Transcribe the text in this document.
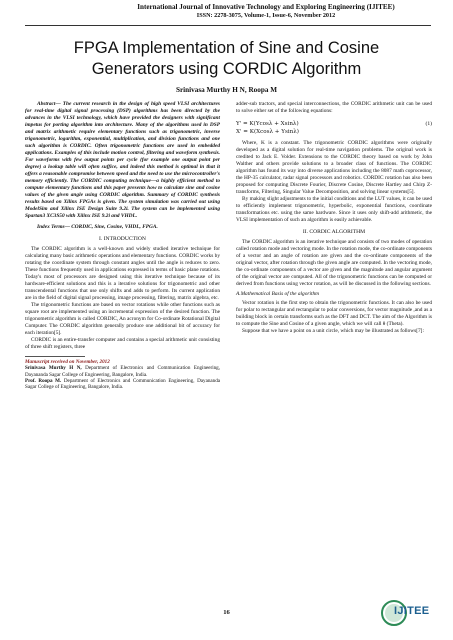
International Journal of Innovative Technology and Exploring Engineering (IJITEE)
ISSN: 2278-3075, Volume-1, Issue-6, November 2012
FPGA Implementation of Sine and Cosine
Generators using CORDIC Algorithm
Srinivasa Murthy H N, Roopa M

Abstract— The current research in the design of high speed VLSI architectures for real-time digital signal processing (DSP) algorithms has been directed by the advances in the VLSI technology, which have provided the designers with significant impetus for porting algorithm into architecture. Many of the algorithms used in DSP and matrix arithmetic require elementary functions such as trigonometric, inverse trigonometric, logarithm, exponential, multiplication, and division functions and one such algorithm is CORDIC. Often trigonometric functions are used in embedded applications. Examples of this include motion control, filtering and waveform synthesis. For waveforms with few output points per cycle (for example one output point per degree) a lookup table will often suffice, and indeed this method is optimal in that it offers a reasonable compromise between speed and the need to use the microcontroller's memory efficiently. The CORDIC computing technique—a highly efficient method to compute elementary functions and this paper presents how to calculate sine and cosine values of the given angle using CORDIC algorithm. Summary of CORDIC synthesis results based on Xilinx FPGAs is given. The system simulation was carried out using ModelSim and Xilinx ISE Design Suite 9.2i. The system can be implemented using Spartan3 XC3S50 with Xilinx ISE 9.2i and VHDL.

Index Terms— CORDIC, Sine, Cosine, VHDL, FPGA.

I. INTRODUCTION

The CORDIC algorithm is a well-known and widely studied iterative technique for calculating many basic arithmetic operations and elementary functions. CORDIC works by rotating the coordinate system through constant angles until the angle is reduces to zero. These functions frequently used in applications expressed in terms of basic plane rotations. Today's most of processors are designed using this iterative technique because of its hardware-efficient solutions and this is a iterative solutions for trigonometric and other transcendental functions that use only shifts and adds to perform. Its current application are in the field of digital signal processing, image processing, filtering, matrix algebra, etc.

The trigonometric functions are based on vector rotations while other functions such as square root are implemented using an incremental expression of the desired function. The trigonometric algorithm is called CORDIC, An acronym for Co-ordinate Rotational Digital Computer. The CORDIC algorithm generally produce one additional bit of accuracy for each iteration[5].

CORDIC is an entire-transfer computer and contains a special arithmetic unit consisting of three shift registers, three

Manuscript received on November, 2012
Srinivasa Murthy H N, Department of Electronics and Communication Engineering, Dayananda Sagar College of Engineering, Bangalore, India.
Prof. Roopa M. Department of Electronics and Communication Engineering, Dayananda Sagar College of Engineering, Bangalore, India.

adder-sub tractors, and special interconnections, the CORDIC arithmetic unit can be used to solve either set of the following equations:

Y' = K(Ycosλ + Xsinλ)
X' = K(Xcosλ + Ysinλ)
(1)

Where, K is a constant. The trigonometric CORDIC algorithms were originally developed as a digital solution for real-time navigation problems. The original work is credited to Jack E. Volder. Extensions to the CORDIC theory based on work by John Walther and others provide solutions to a broader class of functions. The CORDIC algorithm has found its way into diverse applications including the 8087 math coprocessor, the HP-35 calculator, radar signal processors and robotics. CORDIC rotation has also been proposed for computing Discrete Fourier, Discrete Cosine, Discrete Hartley and Chirp Z-transforms, Filtering, Singular Value Decomposition, and solving linear systems[5].

By making slight adjustments to the initial conditions and the LUT values, it can be used to efficiently implement trigonometric, hyperbolic, exponential functions, coordinate transformations etc. using the same hardware. Since it uses only shift-add arithmetic, the VLSI implementation of such an algorithm is easily achievable.

II. CORDIC ALGORITHM

The CORDIC algorithm is an iterative technique and consists of two modes of operation called rotation mode and vectoring mode. In the rotation mode, the co-ordinate components of a vector and an angle of rotation are given and the co-ordinate components of the original vector, after rotation through the given angle are computed. In the vectoring mode, the co-ordinate components of a vector are given and the magnitude and angular argument of the original vector are computed. All of the trigonometric functions can be computed or derived from functions using vector rotation, as will be discussed in the following sections.

A.Mathematical Basis of the algorithm

Vector rotation is the first step to obtain the trigonometric functions. It can also be used for polar to rectangular and rectangular to polar conversions, for vector magnitude ,and as a building block in certain transforms such as the DFT and DCT. The aim of the Algorithm is to compute the Sine and Cosine of a given angle, which we will call θ (Theta).

Suppose that we have a point on a unit circle, which may be illustrated as follows[7]:

16	IJITEE
